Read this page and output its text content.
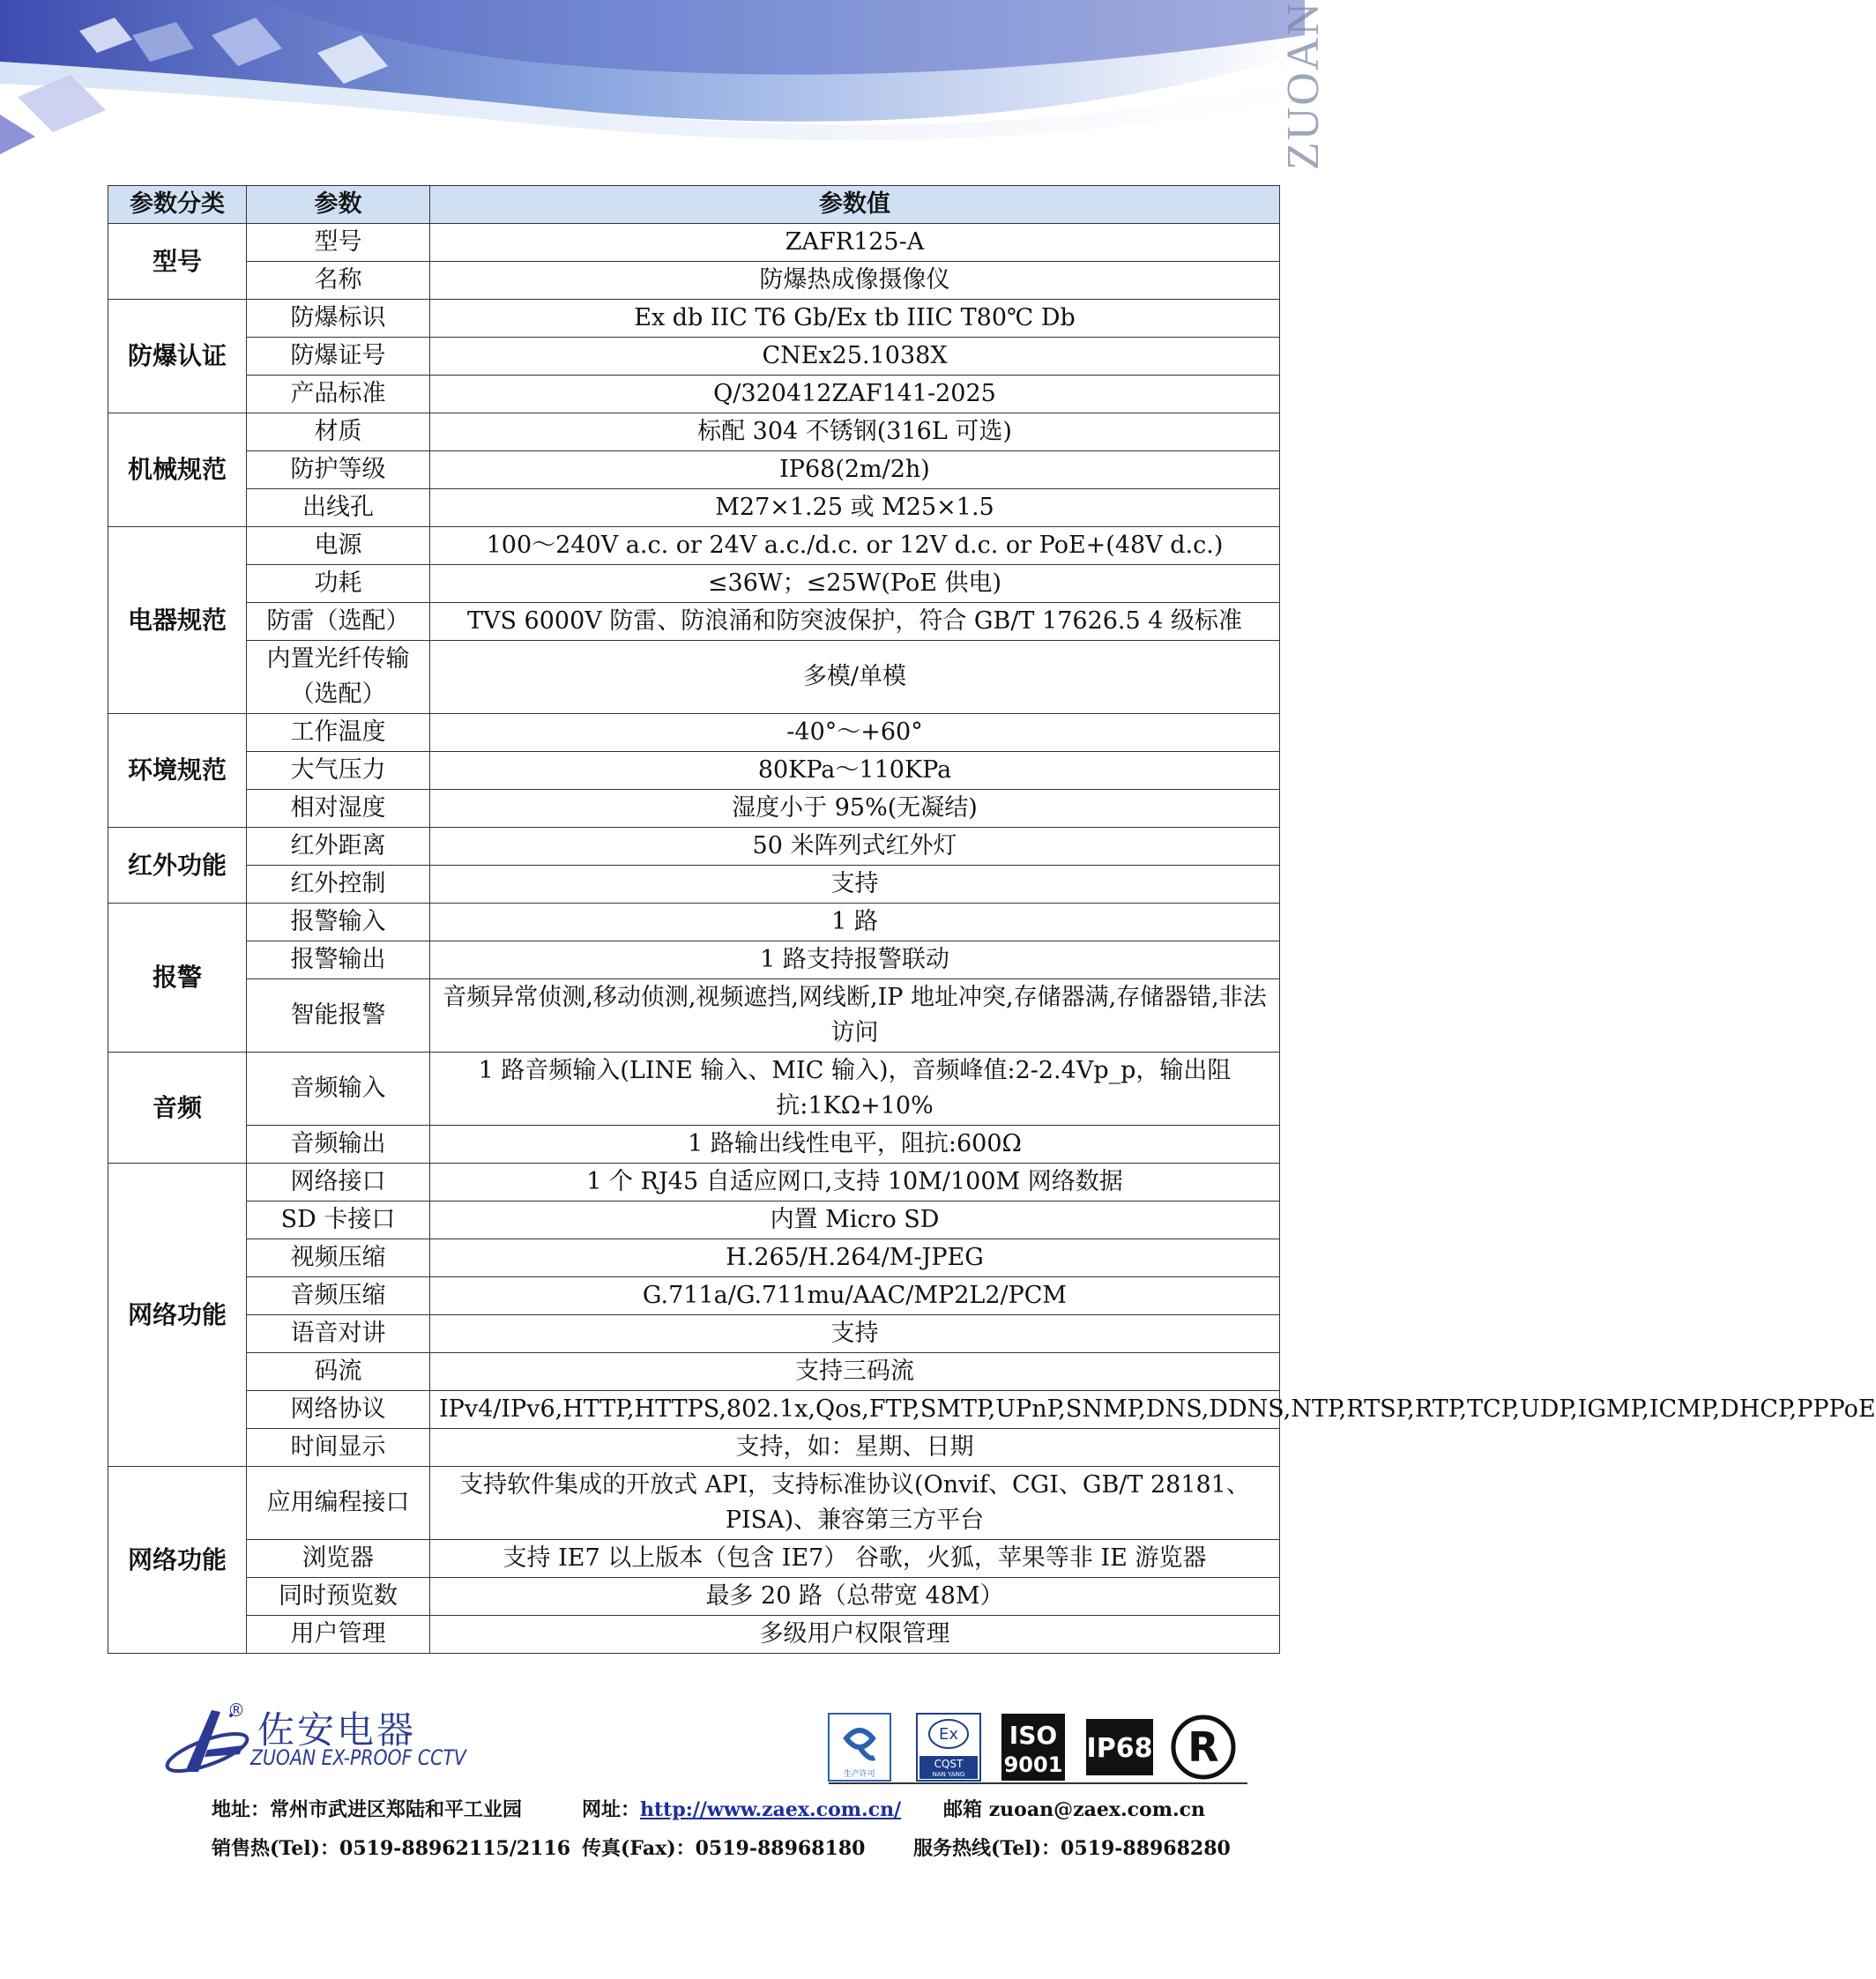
ZUOAN
参数分类	参数	参数值
型号	型号	ZAFR125-A
	名称	防爆热成像摄像仪
防爆认证	防爆标识	Ex db IIC T6 Gb/Ex tb IIIC T80℃ Db
	防爆证号	CNEx25.1038X
	产品标准	Q/320412ZAF141-2025
机械规范	材质	标配 304 不锈钢(316L 可选)
	防护等级	IP68(2m/2h)
	出线孔	M27×1.25 或 M25×1.5
电器规范	电源	100～240V a.c. or 24V a.c./d.c. or 12V d.c. or PoE+(48V d.c.)
	功耗	≤36W；≤25W(PoE 供电)
	防雷（选配）	TVS 6000V 防雷、防浪涌和防突波保护，符合 GB/T 17626.5 4 级标准
	内置光纤传输（选配）	多模/单模
环境规范	工作温度	-40°～+60°
	大气压力	80KPa～110KPa
	相对湿度	湿度小于 95%(无凝结)
红外功能	红外距离	50 米阵列式红外灯
	红外控制	支持
报警	报警输入	1 路
	报警输出	1 路支持报警联动
	智能报警	音频异常侦测,移动侦测,视频遮挡,网线断,IP 地址冲突,存储器满,存储器错,非法访问
音频	音频输入	1 路音频输入(LINE 输入、MIC 输入)，音频峰值:2-2.4Vp_p，输出阻抗:1KΩ+10%
	音频输出	1 路输出线性电平，阻抗:600Ω
网络功能	网络接口	1 个 RJ45 自适应网口,支持 10M/100M 网络数据
	SD 卡接口	内置 Micro SD
	视频压缩	H.265/H.264/M-JPEG
	音频压缩	G.711a/G.711mu/AAC/MP2L2/PCM
	语音对讲	支持
	码流	支持三码流
	网络协议	IPv4/IPv6,HTTP,HTTPS,802.1x,Qos,FTP,SMTP,UPnP,SNMP,DNS,DDNS,NTP,RTSP,RTP,TCP,UDP,IGMP,ICMP,DHCP,PPPoE
	时间显示	支持，如：星期、日期
网络功能	应用编程接口	支持软件集成的开放式 API，支持标准协议(Onvif、CGI、GB/T 28181、PISA)、兼容第三方平台
	浏览器	支持 IE7 以上版本（包含 IE7） 谷歌，火狐，苹果等非 IE 游览器
	同时预览数	最多 20 路（总带宽 48M）
	用户管理	多级用户权限管理
佐安电器
ZUOAN EX-PROOF CCTV
®
生产许可
Ex
CQST
NAN YANG
ISO
9001
IP68 R
地址：常州市武进区郑陆和平工业园	网址：http://www.zaex.com.cn/ 邮箱 zuoan@zaex.com.cn
销售热(Tel)：0519-88962115/2116 传真(Fax)：0519-88968180 服务热线(Tel)：0519-88968280
